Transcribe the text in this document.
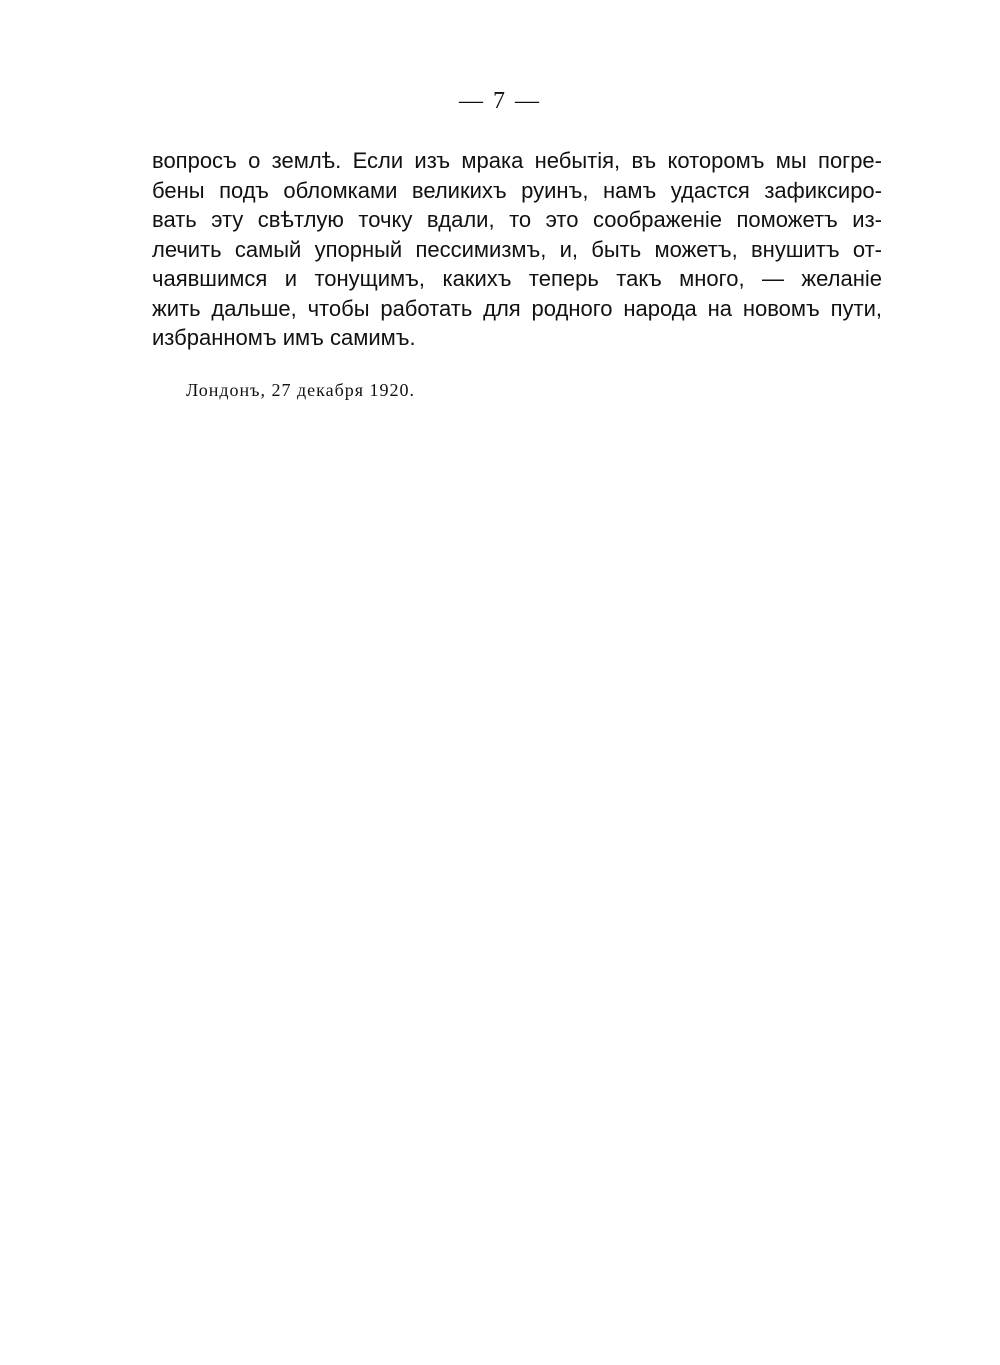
— 7 —
вопросъ о землѣ. Если изъ мрака небытія, въ которомъ мы погре-
бены подъ обломками великихъ руинъ, намъ удастся зафиксиро-
вать эту свѣтлую точку вдали, то это соображенiе поможетъ из-
лечить самый упорный пессимизмъ, и, быть можетъ, внушитъ от-
чаявшимся и тонущимъ, какихъ теперь такъ много, — желанiе
жить дальше, чтобы работать для родного народа на новомъ пути,
избранномъ имъ самимъ.
Лондонъ, 27 декабря 1920.
